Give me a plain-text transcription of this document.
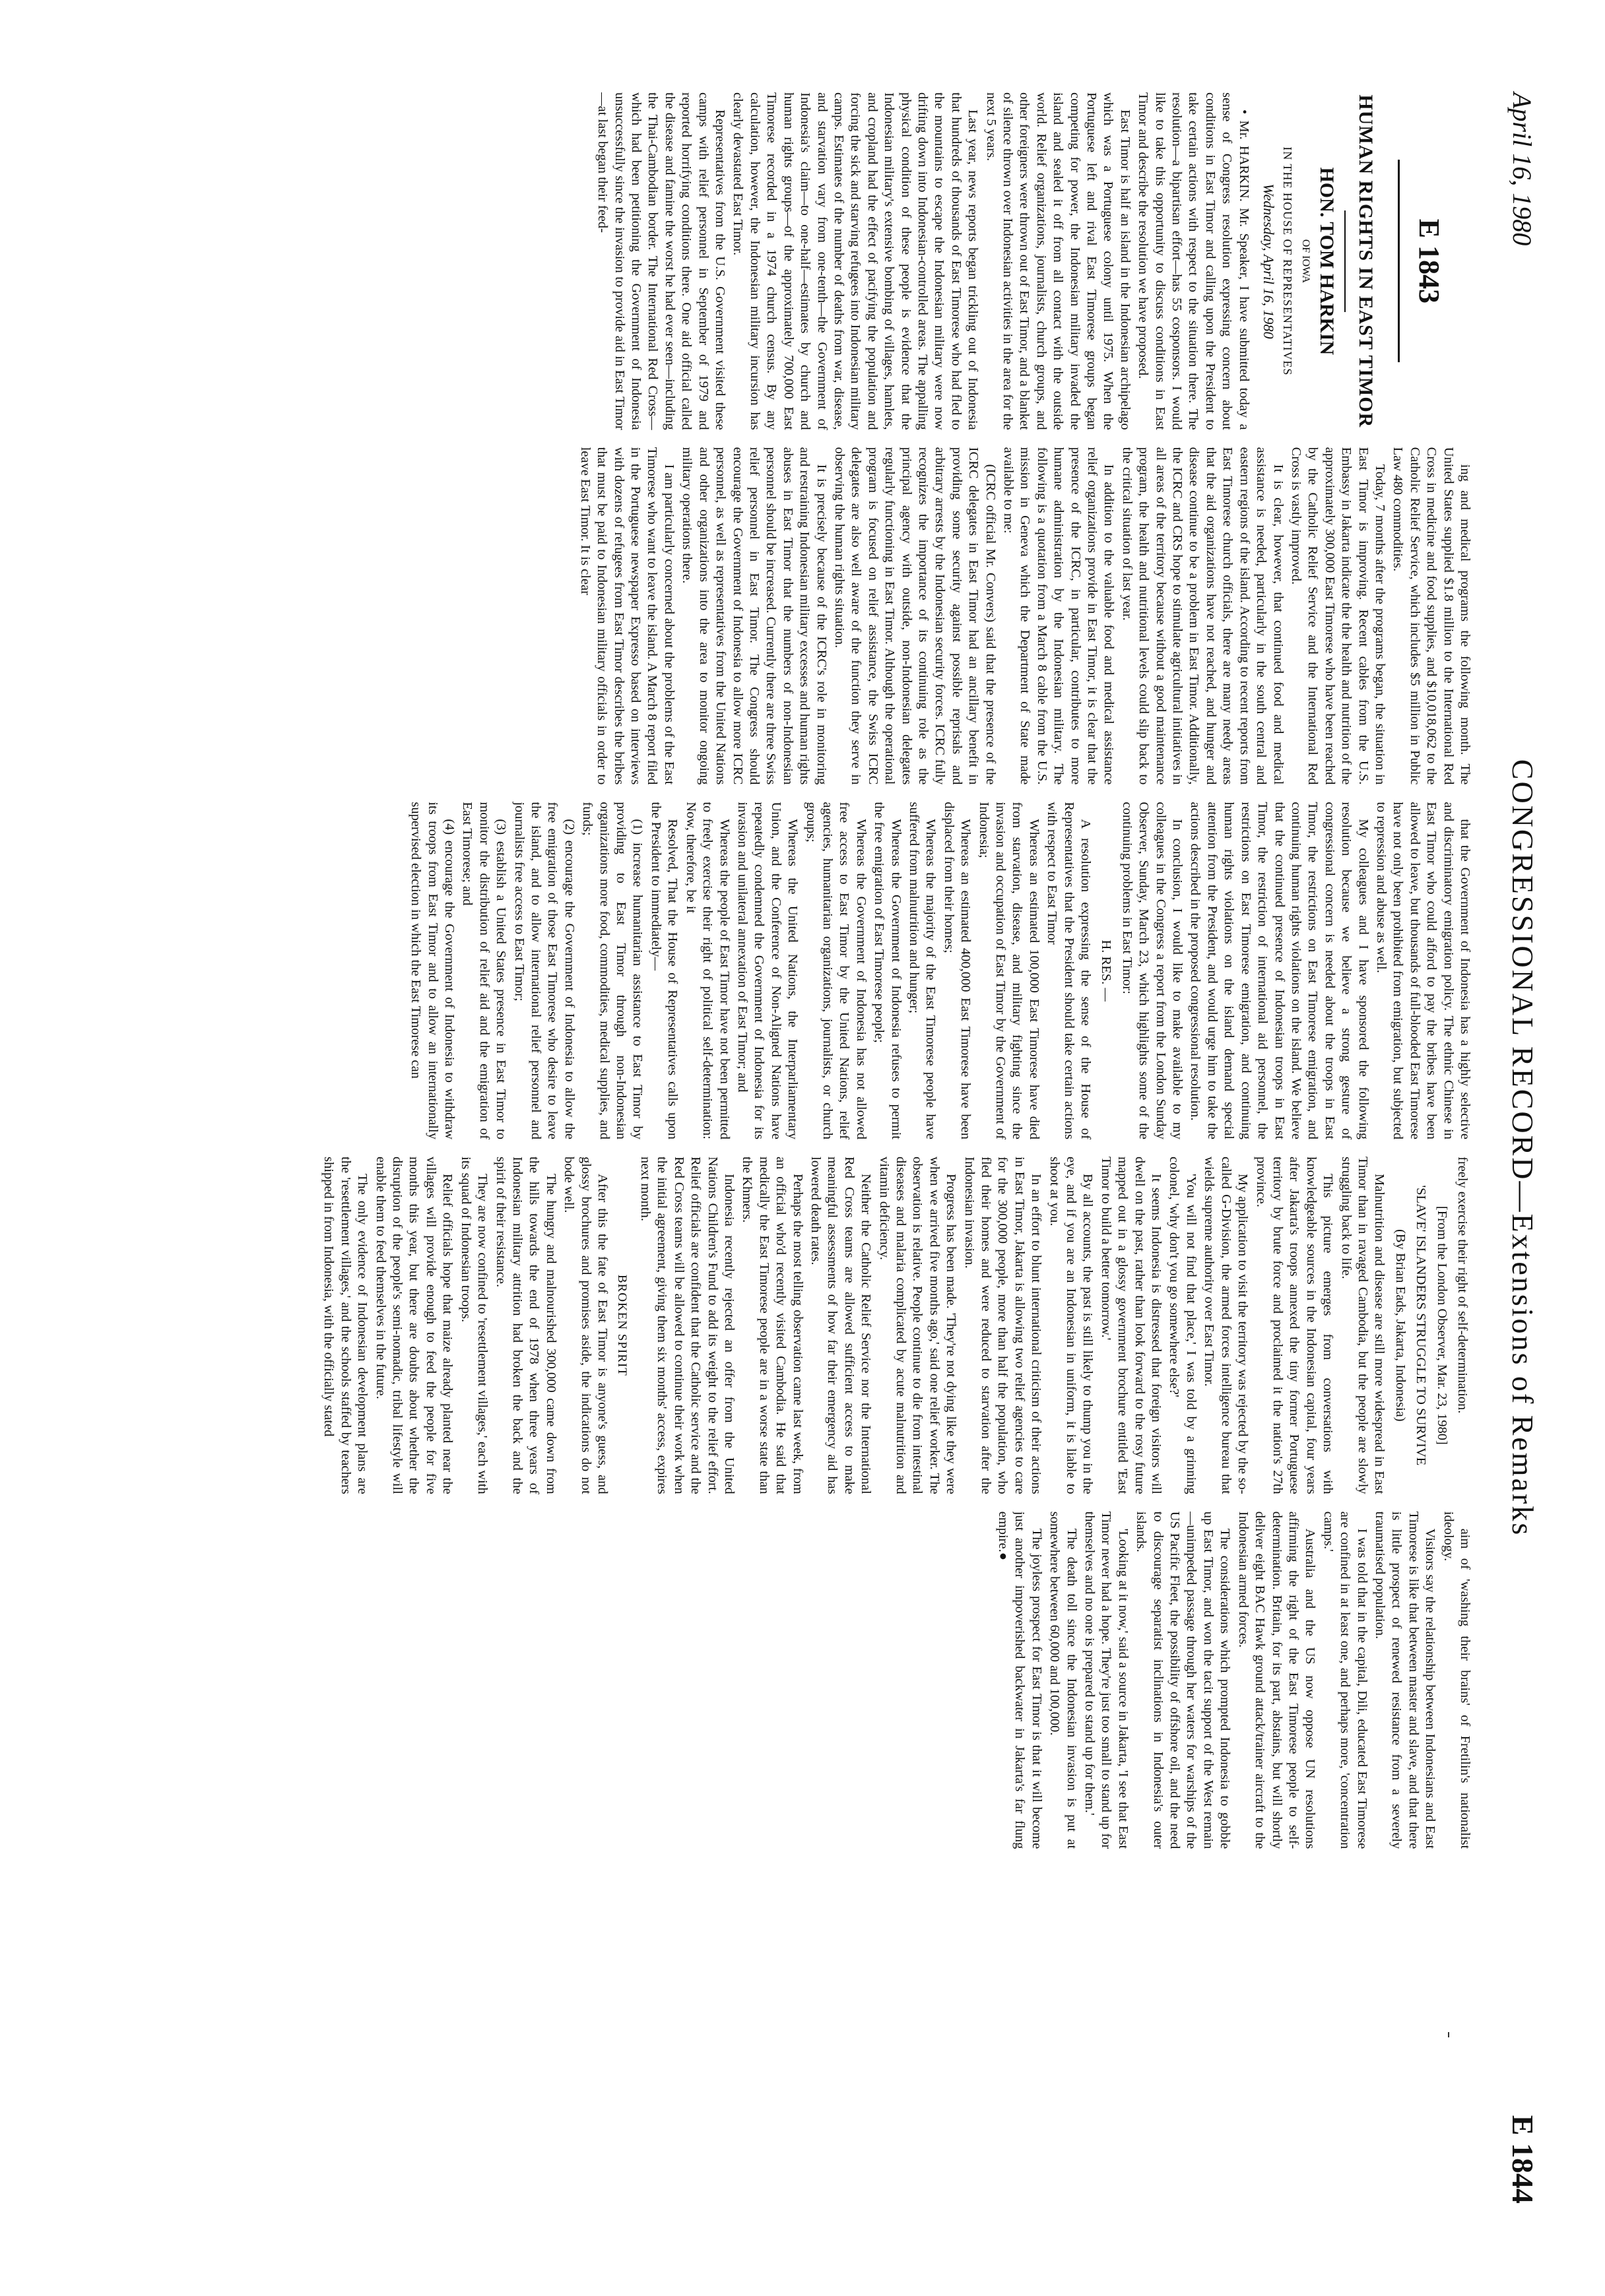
April 16, 1980
CONGRESSIONAL RECORD—Extensions of Remarks
E 1844
E 1843
HUMAN RIGHTS IN EAST TIMOR
HON. TOM HARKIN
OF IOWA
IN THE HOUSE OF REPRESENTATIVES
Wednesday, April 16, 1980

• Mr. HARKIN. Mr. Speaker, I have submitted today a sense of Congress resolution expressing concern about conditions in East Timor and calling upon the President to take certain actions with respect to the situation there. The resolution—a bipartisan effort—has 55 cosponsors. I would like to take this opportunity to discuss conditions in East Timor and describe the resolution we have proposed.

East Timor is half an island in the Indonesian archipelago which was a Portuguese colony until 1975. When the Portuguese left and rival East Timorese groups began competing for power, the Indonesian military invaded the island and sealed it off from all contact with the outside world. Relief organizations, journalists, church groups, and other foreigners were thrown out of East Timor, and a blanket of silence thrown over Indonesian activities in the area for the next 5 years.

Last year, news reports began trickling out of Indonesia that hundreds of thousands of East Timorese who had fled to the mountains to escape the Indonesian military were now drifting down into Indonesian-controlled areas. The appalling physical condition of these people is evidence that the Indonesian military's extensive bombing of villages, hamlets, and cropland had the effect of pacifying the population and forcing the sick and starving refugees into Indonesian military camps. Estimates of the number of deaths from war, disease, and starvation vary from one-tenth—the Government of Indonesia's claim—to one-half—estimates by church and human rights groups—of the approximately 700,000 East Timorese recorded in a 1974 church census. By any calculation, however, the Indonesian military incursion has clearly devastated East Timor.

Representatives from the U.S. Government visited these camps with relief personnel in September of 1979 and reported horrifying conditions there. One aid official called the disease and famine the worst he had ever seen—including the Thai-Cambodian border. The International Red Cross—which had been petitioning the Government of Indonesia unsuccessfully since the invasion to provide aid in East Timor—at last began their feed-

ing and medical programs the following month. The United States supplied $1.8 million to the International Red Cross in medicine and food supplies, and $10,018,062 to the Catholic Relief Service, which includes $5 million in Public Law 480 commodities.

Today, 7 months after the programs began, the situation in East Timor is improving. Recent cables from the U.S. Embassy in Jakarta indicate the the health and nutrition of the approximately 300,000 East Timorese who have been reached by the Catholic Relief Service and the International Red Cross is vastly improved.

It is clear, however, that continued food and medical assistance is needed, particularly in the south central and eastern regions of the island. According to recent reports from East Timorese church officials, there are many needy areas that the aid organizations have not reached, and hunger and disease continue to be a problem in East Timor. Additionally, the ICRC and CRS hope to stimulate agricultural initiatives in all areas of the territory because without a good maintenance program, the health and nutritional levels could slip back to the critical situation of last year.

In addition to the valuable food and medical assistance relief organizations provide in East Timor, it is clear that the presence of the ICRC, in particular, contributes to more humane administration by the Indonesian military. The following is a quotation from a March 8 cable from the U.S. mission in Geneva which the Department of State made available to me:

(ICRC official Mr. Convers) said that the presence of the ICRC delegates in East Timor had an ancillary benefit in providing some security against possible reprisals and arbitrary arrests by the Indonesian security forces. ICRC fully recognizes the importance of its continuing role as the principal agency with outside, non-Indonesian delegates regularly functioning in East Timor. Although the operational program is focused on relief assistance, the Swiss ICRC delegates are also well aware of the function they serve in observing the human rights situation.

It is precisely because of the ICRC's role in monitoring and restraining Indonesian military excesses and human rights abuses in East Timor that the numbers of non-Indonesian personnel should be increased. Currently there are three Swiss relief personnel in East Timor. The Congress should encourage the Government of Indonesia to allow more ICRC personnel, as well as representatives from the United Nations and other organizations into the area to monitor ongoing military operations there.

I am particularly concerned about the problems of the East Timorese who want to leave the island. A March 8 report filed in the Portuguese newspaper Expresso based on interviews with dozens of refugees from East Timor describes the bribes that must be paid to Indonesian military officials in order to leave East Timor. It is clear

that the Government of Indonesia has a highly selective and discriminatory emigration policy. The ethnic Chinese in East Timor who could afford to pay the bribes have been allowed to leave, but thousands of full-blooded East Timorese have not only been prohibited from emigration, but subjected to repression and abuse as well.

My colleagues and I have sponsored the following resolution because we believe a strong gesture of congressional concern is needed about the troops in East Timor, the restrictions on East Timorese emigration, and continuing human rights violations on the island. We believe that the continued presence of Indonesian troops in East Timor, the restriction of international aid personnel, the restrictions on East Timorese emigration, and continuing human rights violations on the island demand special attention from the President, and would urge him to take the actions described in the proposed congressional resolution.

In conclusion, I would like to make available to my colleagues in the Congress a report from the London Sunday Observer, Sunday, March 23, which highlights some of the continuing problems in East Timor:

H. RES. —

A resolution expressing the sense of the House of Representatives that the President should take certain actions with respect to East Timor

Whereas an estimated 100,000 East Timorese have died from starvation, disease, and military fighting since the invasion and occupation of East Timor by the Government of Indonesia;

Whereas an estimated 400,000 East Timorese have been displaced from their homes;

Whereas the majority of the East Timorese people have suffered from malnutrition and hunger;

Whereas the Government of Indonesia refuses to permit the free emigration of East Timorese people;

Whereas the Government of Indonesia has not allowed free access to East Timor by the United Nations, relief agencies, humanitarian organizations, journalists, or church groups;

Whereas the United Nations, the Interparliamentary Union, and the Conference of Non-Aligned Nations have repeatedly condemned the Government of Indonesia for its invasion and unilateral annexation of East Timor; and

Whereas the people of East Timor have not been permitted to freely exercise their right of political self-determination: Now, therefore, be it

Resolved, That the House of Representatives calls upon the President to immediately—

(1) increase humanitarian assistance to East Timor by providing to East Timor through non-Indonesian organizations more food, commodities, medical supplies, and funds;

(2) encourage the Government of Indonesia to allow the free emigration of those East Timorese who desire to leave the island, and to allow international relief personnel and journalists free access to East Timor;

(3) establish a United States presence in East Timor to monitor the distribution of relief aid and the emigration of East Timorese; and

(4) encourage the Government of Indonesia to withdraw its troops from East Timor and to allow an internationally supervised election in which the East Timorese can

freely exercise their right of self-determination.

[From the London Observer, Mar. 23, 1980]

'SLAVE' ISLANDERS STRUGGLE TO SURVIVE

(By Brian Eads, Jakarta, Indonesia)

Malnutrition and disease are still more widespread in East Timor than in ravaged Cambodia, but the people are slowly struggling back to life.

This picture emerges from conversations with knowledgeable sources in the Indonesian capital, four years after Jakarta's troops annexed the tiny former Portuguese territory by brute force and proclaimed it the nation's 27th province.

My application to visit the territory was rejected by the so-called G-Division, the armed forces intelligence bureau that wields supreme authority over East Timor.

'You will not find that place,' I was told by a grinning colonel, 'why don't you go somewhere else?'

It seems Indonesia is distressed that foreign visitors will dwell on the past, rather than look forward to the rosy future mapped out in a glossy government brochure entitled 'East Timor to build a better tomorrow.'

By all accounts, the past is still likely to thump you in the eye, and if you are an Indonesian in uniform, it is liable to shoot at you.

In an effort to blunt international criticism of their actions in East Timor, Jakarta is allowing two relief agencies to care for the 300,000 people, more than half the population, who fled their homes and were reduced to starvation after the Indonesian invasion.

Progress has been made. 'They're not dying like they were when we arrived five months ago,' said one relief worker. The observation is relative. People continue to die from intestinal diseases and malaria complicated by acute malnutrition and vitamin deficiency.

Neither the Catholic Relief Service nor the International Red Cross teams are allowed sufficient access to make meaningful assessments of how far their emergency aid has lowered death rates.

Perhaps the most telling observation came last week, from an official who'd recently visited Cambodia. He said that medically the East Timorese people are in a worse state than the Khmers.

Indonesia recently rejected an offer from the United Nations Children's Fund to add its weight to the relief effort. Relief officials are confident that the Catholic service and the Red Cross teams will be allowed to continue their work when the initial agreement, giving them six months' access, expires next month.

BROKEN SPIRIT

After this the fate of East Timor is anyone's guess, and glossy brochures and promises aside, the indications do not bode well.

The hungry and malnourished 300,000 came down from the hills towards the end of 1978 when three years of Indonesian military attrition had broken the back and the spirit of their resistance.

They are now confined to 'resettlement villages,' each with its squad of Indonesian troops.

Relief officials hope that maize already planted near the villages will provide enough to feed the people for five months this year, but there are doubts about whether the disruption of the people's semi-nomadic, tribal lifestyle will enable them to feed themselves in the future.

The only evidence of Indonesian development plans are the 'resettlement villages,' and the schools staffed by teachers shipped in from Indonesia, with the officially stated

aim of 'washing their brains' of Fretilin's nationalist ideology.

Visitors say the relationship between Indonesians and East Timorese is like that between master and slave, and that there is little prospect of renewed resistance from a severely traumatised population.

I was told that in the capital, Dili, educated East Timorese are confined in at least one, and perhaps more, 'concentration camps.'

Australia and the US now oppose UN resolutions affirming the right of the East Timorese people to self-determination. Britain, for its part, abstains, but will shortly deliver eight BAC Hawk ground attack/trainer aircraft to the Indonesian armed forces.

The considerations which prompted Indonesia to gobble up East Timor, and won the tacit support of the West remain—unimpeded passage through her waters for warships of the US Pacific Fleet, the possibility of offshore oil, and the need to discourage separatist inclinations in Indonesia's outer islands.

'Looking at it now,' said a source in Jakarta, 'I see that East Timor never had a hope. They're just too small to stand up for themselves and no one is prepared to stand up for them.'

The death toll since the Indonesian invasion is put at somewhere between 60,000 and 100,000.

The joyless prospect for East Timor is that it will become just another impoverished backwater in Jakarta's far flung empire.●
